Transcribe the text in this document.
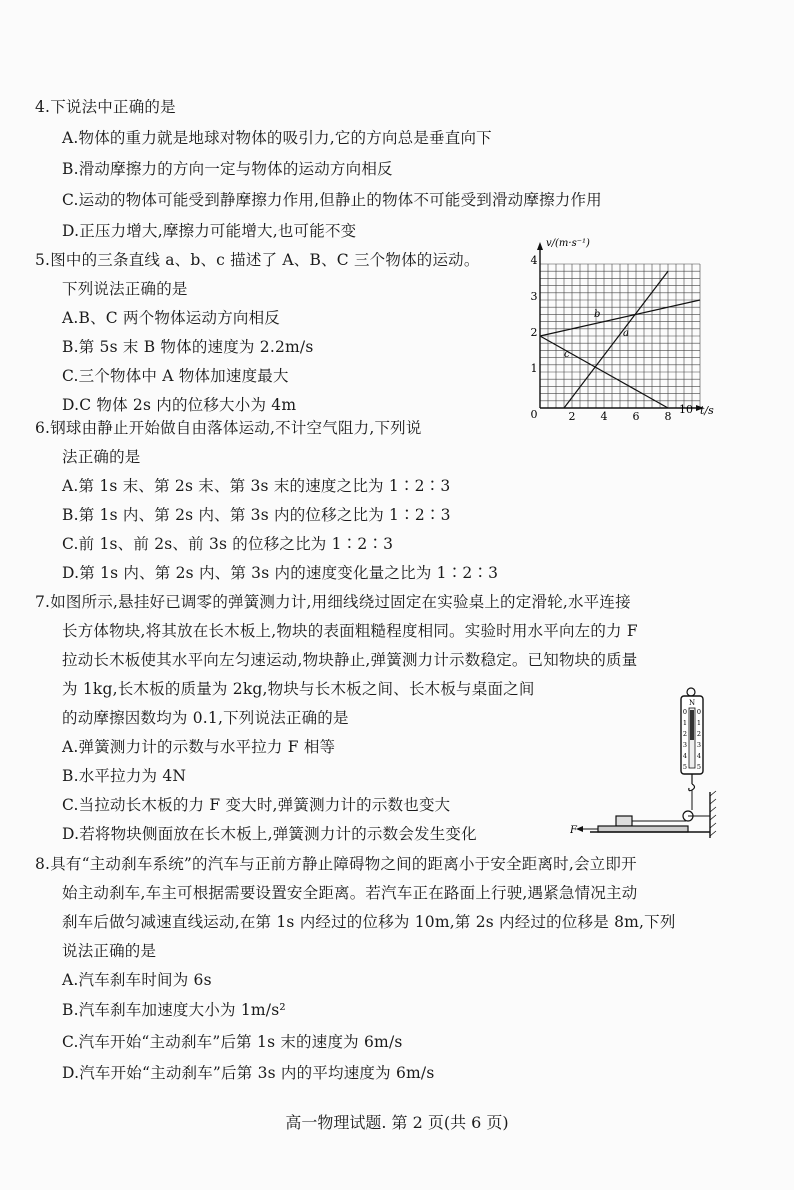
4.下说法中正确的是
A.物体的重力就是地球对物体的吸引力,它的方向总是垂直向下
B.滑动摩擦力的方向一定与物体的运动方向相反
C.运动的物体可能受到静摩擦力作用,但静止的物体不可能受到滑动摩擦力作用
D.正压力增大,摩擦力可能增大,也可能不变
5.图中的三条直线 a、b、c 描述了 A、B、C 三个物体的运动。
下列说法正确的是
A.B、C 两个物体运动方向相反
B.第 5s 末 B 物体的速度为 2.2m/s
C.三个物体中 A 物体加速度最大
D.C 物体 2s 内的位移大小为 4m
v/(m·s⁻¹)
t/s
0
1
2
3
4
2 4 6 8
10
a
b
c
6.钢球由静止开始做自由落体运动,不计空气阻力,下列说
法正确的是
A.第 1s 末、第 2s 末、第 3s 末的速度之比为 1∶2∶3
B.第 1s 内、第 2s 内、第 3s 内的位移之比为 1∶2∶3
C.前 1s、前 2s、前 3s 的位移之比为 1∶2∶3
D.第 1s 内、第 2s 内、第 3s 内的速度变化量之比为 1∶2∶3
7.如图所示,悬挂好已调零的弹簧测力计,用细线绕过固定在实验桌上的定滑轮,水平连接
长方体物块,将其放在长木板上,物块的表面粗糙程度相同。实验时用水平向左的力 F
拉动长木板使其水平向左匀速运动,物块静止,弹簧测力计示数稳定。已知物块的质量
为 1kg,长木板的质量为 2kg,物块与长木板之间、长木板与桌面之间
的动摩擦因数均为 0.1,下列说法正确的是
A.弹簧测力计的示数与水平拉力 F 相等
B.水平拉力为 4N
C.当拉动长木板的力 F 变大时,弹簧测力计的示数也变大
D.若将物块侧面放在长木板上,弹簧测力计的示数会发生变化
N
0
1
2
3
4
5
0
1
2
3
4
5
F
8.具有“主动刹车系统”的汽车与正前方静止障碍物之间的距离小于安全距离时,会立即开
始主动刹车,车主可根据需要设置安全距离。若汽车正在路面上行驶,遇紧急情况主动
刹车后做匀减速直线运动,在第 1s 内经过的位移为 10m,第 2s 内经过的位移是 8m,下列
说法正确的是
A.汽车刹车时间为 6s
B.汽车刹车加速度大小为 1m/s²
C.汽车开始“主动刹车”后第 1s 末的速度为 6m/s
D.汽车开始“主动刹车”后第 3s 内的平均速度为 6m/s
高一物理试题. 第 2 页(共 6 页)
